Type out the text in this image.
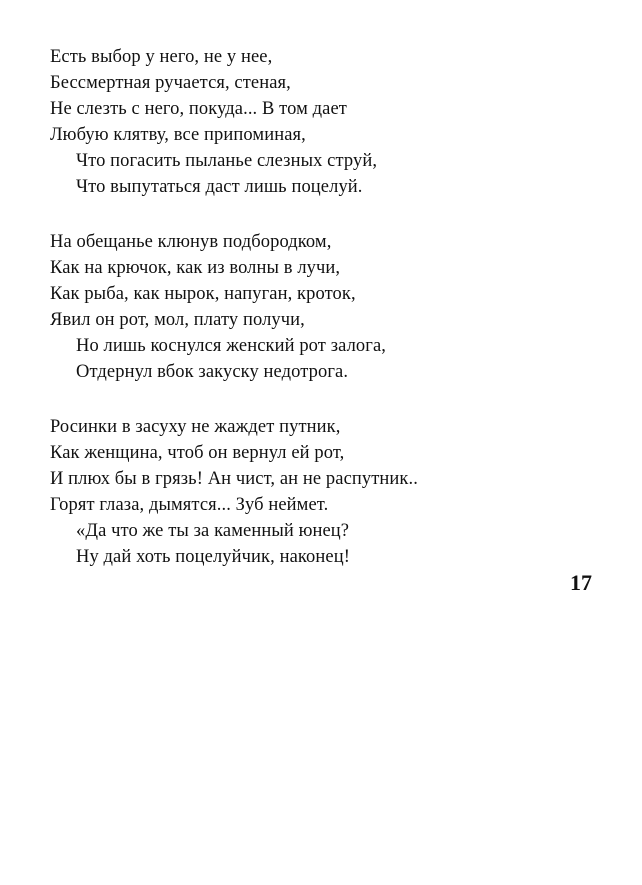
Есть выбор у него, не у нее,
Бессмертная ручается, стеная,
Не слезть с него, покуда... В том дает
Любую клятву, все припоминая,
Что погасить пыланье слезных струй,
Что выпутаться даст лишь поцелуй.
На обещанье клюнув подбородком,
Как на крючок, как из волны в лучи,
Как рыба, как нырок, напуган, кроток,
Явил он рот, мол, плату получи,
Но лишь коснулся женский рот залога,
Отдернул вбок закуску недотрога.
Росинки в засуху не жаждет путник,
Как женщина, чтоб он вернул ей рот,
И плюх бы в грязь! Ан чист, ан не распутник..
Горят глаза, дымятся... Зуб неймет.
«Да что же ты за каменный юнец?
Ну дай хоть поцелуйчик, наконец!
17
